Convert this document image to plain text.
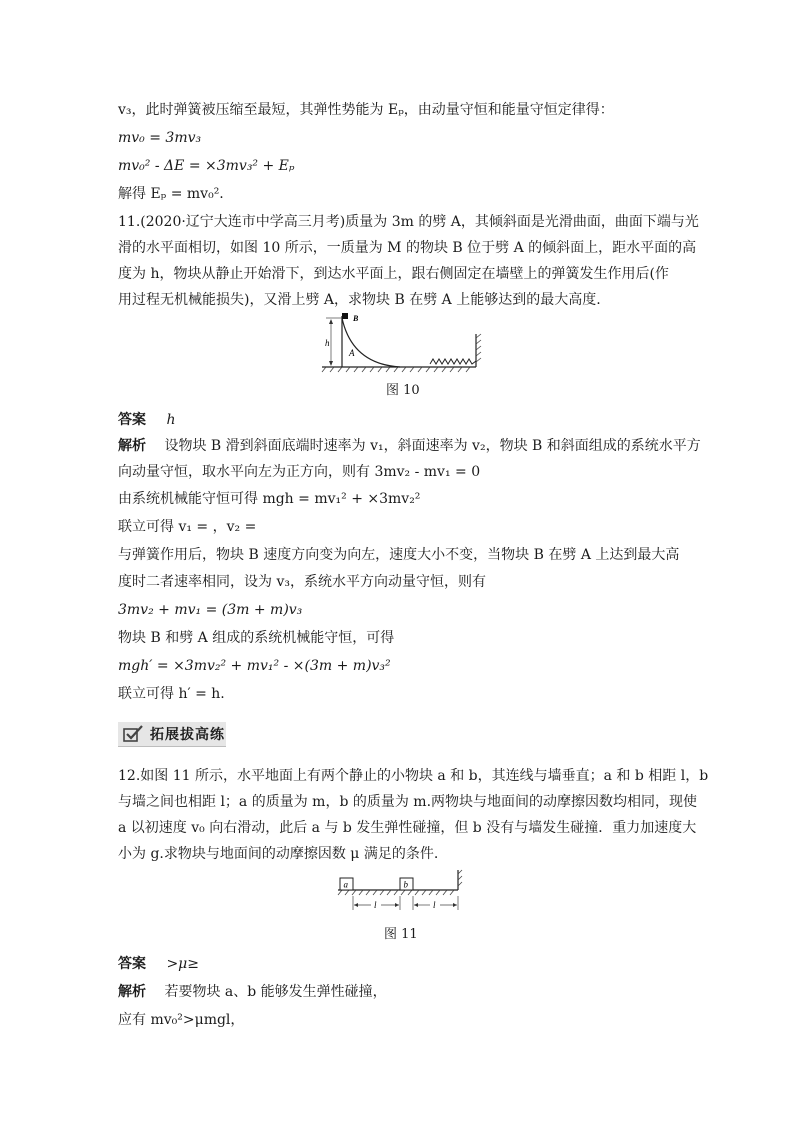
v₃，此时弹簧被压缩至最短，其弹性势能为 Eₚ，由动量守恒和能量守恒定律得：
mv₀ = 3mv₃
mv₀² - ΔE = ×3mv₃² + Eₚ
解得 Eₚ = mv₀².
11.(2020·辽宁大连市中学高三月考)质量为 3m 的劈 A，其倾斜面是光滑曲面，曲面下端与光
滑的水平面相切，如图 10 所示，一质量为 M 的物块 B 位于劈 A 的倾斜面上，距水平面的高
度为 h，物块从静止开始滑下，到达水平面上，跟右侧固定在墙壁上的弹簧发生作用后(作
用过程无机械能损失)，又滑上劈 A，求物块 B 在劈 A 上能够达到的最大高度.
B
A
h
图 10
答案 h
解析 设物块 B 滑到斜面底端时速率为 v₁，斜面速率为 v₂，物块 B 和斜面组成的系统水平方
向动量守恒，取水平向左为正方向，则有 3mv₂ - mv₁ = 0
由系统机械能守恒可得 mgh = mv₁² + ×3mv₂²
联立可得 v₁ = ，v₂ =
与弹簧作用后，物块 B 速度方向变为向左，速度大小不变，当物块 B 在劈 A 上达到最大高
度时二者速率相同，设为 v₃，系统水平方向动量守恒，则有
3mv₂ + mv₁ = (3m + m)v₃
物块 B 和劈 A 组成的系统机械能守恒，可得
mgh′ = ×3mv₂² + mv₁² - ×(3m + m)v₃²
联立可得 h′ = h.
拓展拔高练
12.如图 11 所示，水平地面上有两个静止的小物块 a 和 b，其连线与墙垂直；a 和 b 相距 l，b
与墙之间也相距 l；a 的质量为 m，b 的质量为 m.两物块与地面间的动摩擦因数均相同，现使
a 以初速度 v₀ 向右滑动，此后 a 与 b 发生弹性碰撞，但 b 没有与墙发生碰撞．重力加速度大
小为 g.求物块与地面间的动摩擦因数 μ 满足的条件.
a	b
l	l
图 11
答案 >μ≥
解析 若要物块 a、b 能够发生弹性碰撞，
应有 mv₀²>μmgl，
